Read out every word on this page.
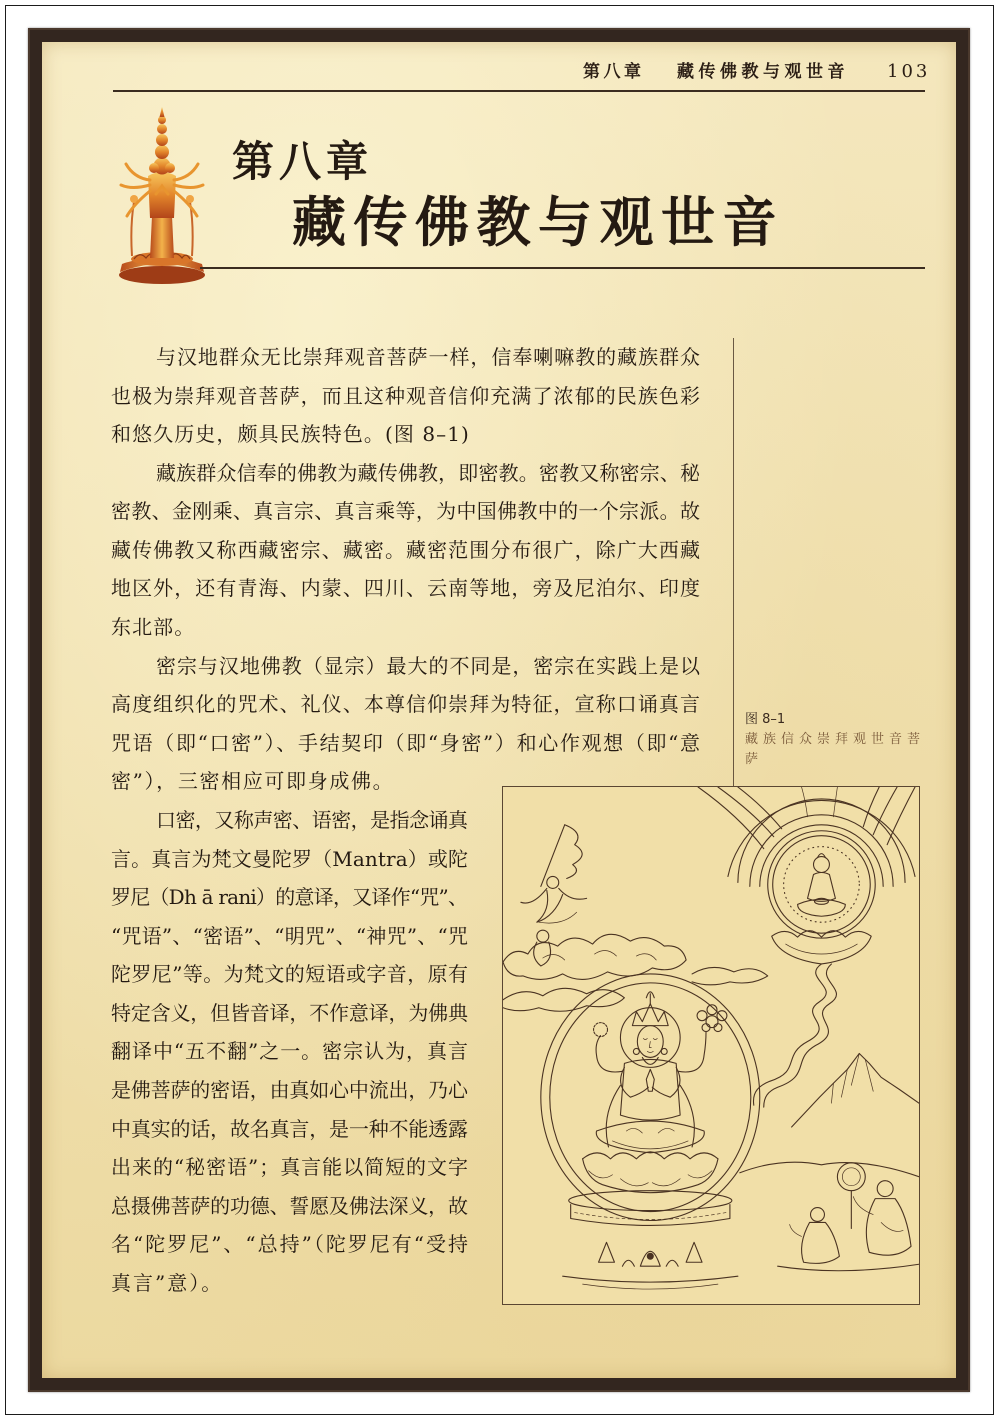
第八章 藏传佛教与观世音 103
第八章
藏传佛教与观世音
与汉地群众无比崇拜观音菩萨一样，信奉喇嘛教的藏族群众
也极为崇拜观音菩萨，而且这种观音信仰充满了浓郁的民族色彩
和悠久历史，颇具民族特色。(图 8–1)
藏族群众信奉的佛教为藏传佛教，即密教。密教又称密宗、秘
密教、金刚乘、真言宗、真言乘等，为中国佛教中的一个宗派。故
藏传佛教又称西藏密宗、藏密。藏密范围分布很广，除广大西藏
地区外，还有青海、内蒙、四川、云南等地，旁及尼泊尔、印度
东北部。
密宗与汉地佛教（显宗）最大的不同是，密宗在实践上是以
高度组织化的咒术、礼仪、本尊信仰崇拜为特征，宣称口诵真言
咒语（即“口密”）、手结契印（即“身密”）和心作观想（即“意
密”），三密相应可即身成佛。
口密，又称声密、语密，是指念诵真
言。真言为梵文曼陀罗（Mantra）或陀
罗尼（Dh ā rani）的意译，又译作“咒”、
“咒语”、“密语”、“明咒”、“神咒”、“咒
陀罗尼”等。为梵文的短语或字音，原有
特定含义，但皆音译，不作意译，为佛典
翻译中“五不翻”之一。密宗认为，真言
是佛菩萨的密语，由真如心中流出，乃心
中真实的话，故名真言，是一种不能透露
出来的“秘密语”；真言能以简短的文字
总摄佛菩萨的功德、誓愿及佛法深义，故
名“陀罗尼”、“总持”（陀罗尼有“受持
真言”意）。
图 8–1
藏族信众崇拜观世音菩萨
